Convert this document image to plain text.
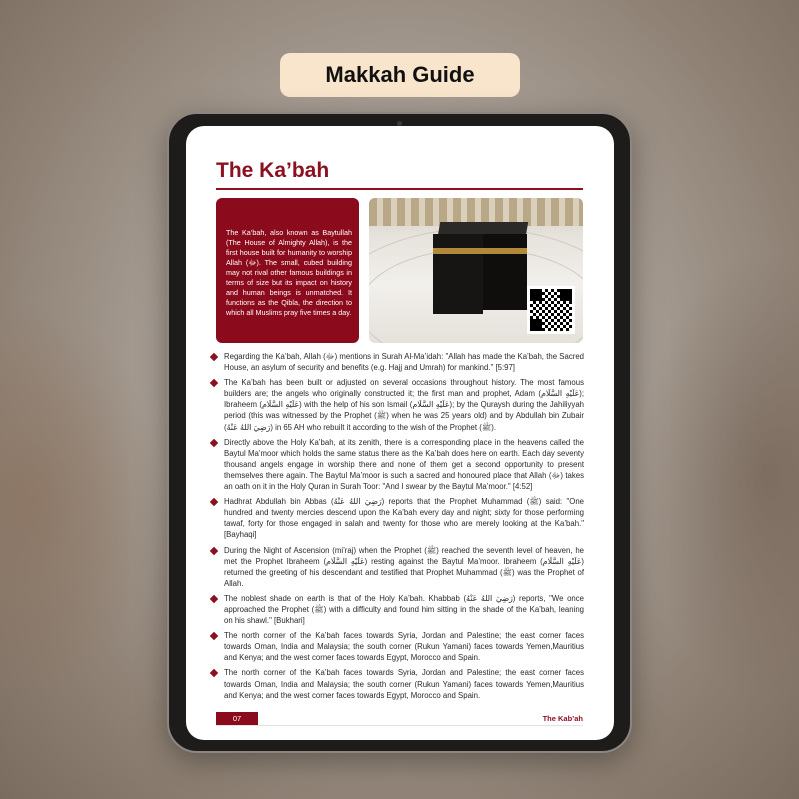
Makkah Guide
The Ka’bah
The Ka’bah, also known as Baytullah (The House of Almighty Allah), is the first house built for humanity to worship Allah (ﷻ). The small, cubed building may not rival other famous buildings in terms of size but its impact on history and human beings is unmatched. It functions as the Qibla, the direction to which all Muslims pray five times a day.
Regarding the Ka’bah, Allah (ﷻ) mentions in Surah Al-Ma’idah: "Allah has made the Ka’bah, the Sacred House, an asylum of security and benefits (e.g. Hajj and Umrah) for mankind." [5:97]
The Ka’bah has been built or adjusted on several occasions throughout history. The most famous builders are; the angels who originally constructed it; the first man and prophet, Adam (عَلَيْهِ السَّلَام); Ibraheem (عَلَيْهِ السَّلَام) with the help of his son Ismail (عَلَيْهِ السَّلَام); by the Quraysh during the Jahiliyyah period (this was witnessed by the Prophet (ﷺ) when he was 25 years old) and by Abdullah bin Zubair (رَضِيَ اللهُ عَنْهُ) in 65 AH who rebuilt it according to the wish of the Prophet (ﷺ).
Directly above the Holy Ka’bah, at its zenith, there is a corresponding place in the heavens called the Baytul Ma’moor which holds the same status there as the Ka’bah does here on earth. Each day seventy thousand angels engage in worship there and none of them get a second opportunity to present themselves there again. The Baytul Ma’moor is such a sacred and honoured place that Allah (ﷻ) takes an oath on it in the Holy Quran in Surah Toor: "And I swear by the Baytul Ma’moor." [4:52]
Hadhrat Abdullah bin Abbas (رَضِيَ اللهُ عَنْهُ) reports that the Prophet Muhammad (ﷺ) said: "One hundred and twenty mercies descend upon the Ka’bah every day and night; sixty for those performing tawaf, forty for those engaged in salah and twenty for those who are merely looking at the Ka’bah." [Bayhaqi]
During the Night of Ascension (mi’raj) when the Prophet (ﷺ) reached the seventh level of heaven, he met the Prophet Ibraheem (عَلَيْهِ السَّلَام) resting against the Baytul Ma’moor. Ibraheem (عَلَيْهِ السَّلَام) returned the greeting of his descendant and testified that Prophet Muhammad (ﷺ) was the Prophet of Allah.
The noblest shade on earth is that of the Holy Ka’bah. Khabbab (رَضِيَ اللهُ عَنْهُ) reports, "We once approached the Prophet (ﷺ) with a difficulty and found him sitting in the shade of the Ka’bah, leaning on his shawl." [Bukhari]
The north corner of the Ka’bah faces towards Syria, Jordan and Palestine; the east corner faces towards Oman, India and Malaysia; the south corner (Rukun Yamani) faces towards Yemen,Mauritius and Kenya; and the west corner faces towards Egypt, Morocco and Spain.
The north corner of the Ka’bah faces towards Syria, Jordan and Palestine; the east corner faces towards Oman, India and Malaysia; the south corner (Rukun Yamani) faces towards Yemen,Mauritius and Kenya; and the west corner faces towards Egypt, Morocco and Spain.
07	The Kab’ah
